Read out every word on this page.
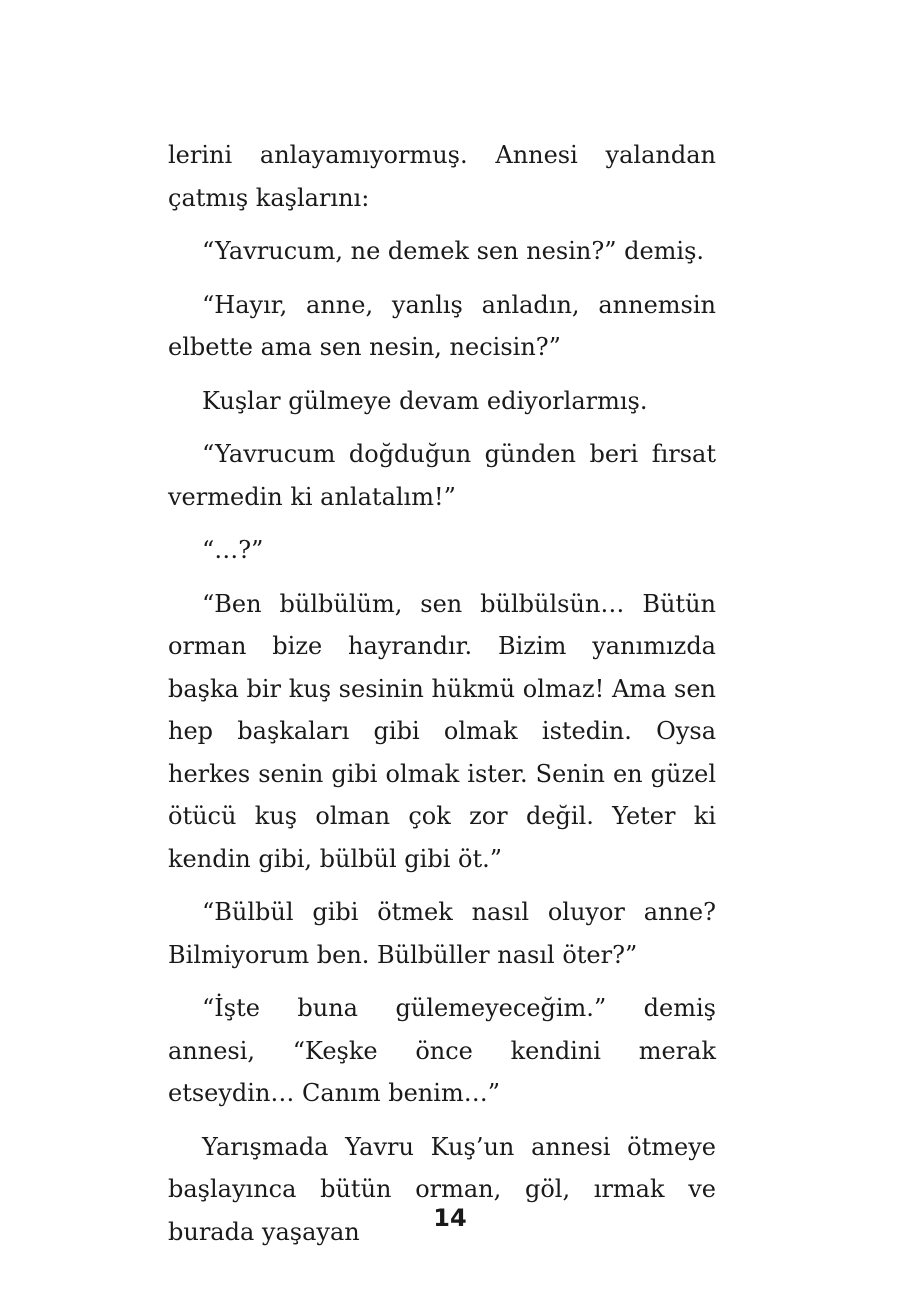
lerini anlayamıyormuş. Annesi yalandan çatmış kaşlarını:

“Yavrucum, ne demek sen nesin?” demiş.

“Hayır, anne, yanlış anladın, annemsin elbette ama sen nesin, necisin?”

Kuşlar gülmeye devam ediyorlarmış.

“Yavrucum doğduğun günden beri fırsat vermedin ki anlatalım!”

“…?”

“Ben bülbülüm, sen bülbülsün… Bütün orman bize hayrandır. Bizim yanımızda başka bir kuş sesinin hükmü olmaz! Ama sen hep başkaları gibi olmak istedin. Oysa herkes senin gibi olmak ister. Senin en güzel ötücü kuş olman çok zor değil. Yeter ki kendin gibi, bülbül gibi öt.”

“Bülbül gibi ötmek nasıl oluyor anne? Bilmiyorum ben. Bülbüller nasıl öter?”

“İşte buna gülemeyeceğim.” demiş annesi, “Keşke önce kendini merak etseydin… Canım benim…”

Yarışmada Yavru Kuş’un annesi ötmeye başlayınca bütün orman, göl, ırmak ve burada yaşayan	14
